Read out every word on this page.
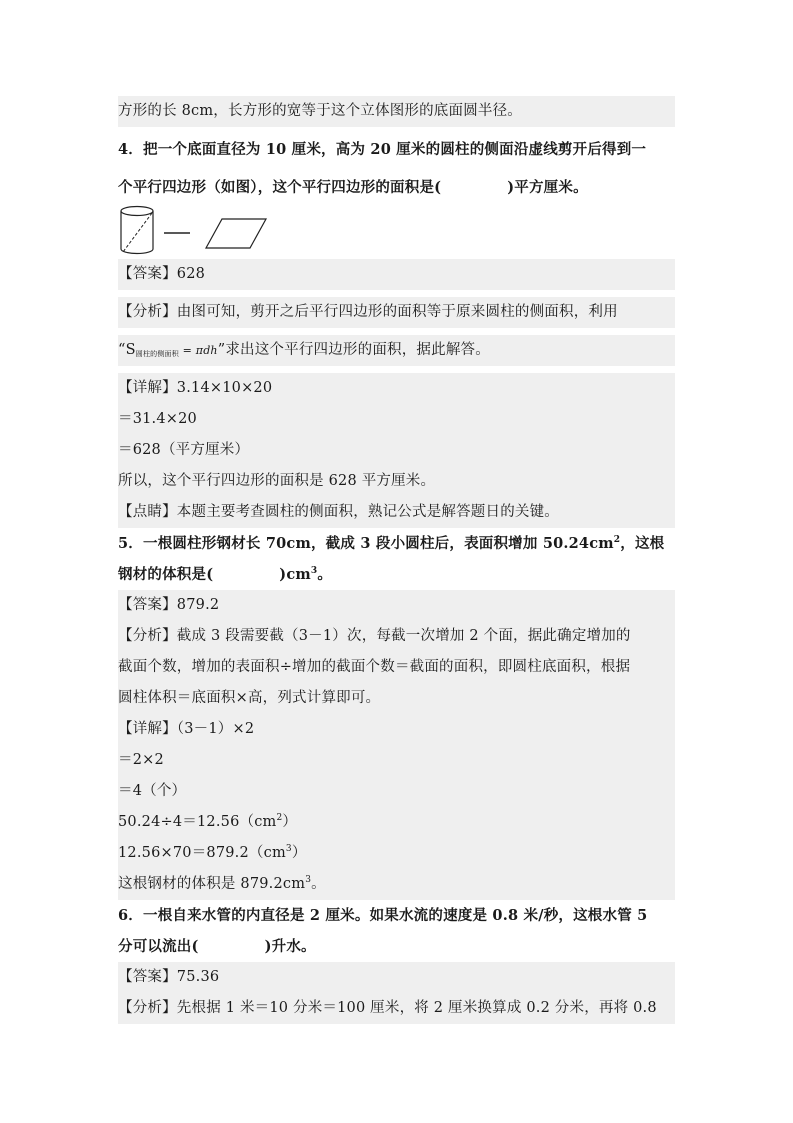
方形的长 8cm，长方形的宽等于这个立体图形的底面圆半径。
4．把一个底面直径为 10 厘米，高为 20 厘米的圆柱的侧面沿虚线剪开后得到一
个平行四边形（如图），这个平行四边形的面积是(	)平方厘米。
【答案】628
【分析】由图可知，剪开之后平行四边形的面积等于原来圆柱的侧面积，利用
“$S_{圆柱的侧面积} = \pi dh$”求出这个平行四边形的面积，据此解答。
【详解】3.14×10×20
＝31.4×20
＝628（平方厘米）
所以，这个平行四边形的面积是 628 平方厘米。
【点睛】本题主要考查圆柱的侧面积，熟记公式是解答题日的关键。
5．一根圆柱形钢材长 70cm，截成 3 段小圆柱后，表面积增加 $50.24cm^2$，这根
钢材的体积是(	)$cm^3$。
【答案】879.2
【分析】截成 3 段需要截（3－1）次，每截一次增加 2 个面，据此确定增加的
截面个数，增加的表面积÷增加的截面个数＝截面的面积，即圆柱底面积，根据
圆柱体积＝底面积×高，列式计算即可。
【详解】（3－1）×2
＝2×2
＝4（个）
$50.24\div 4=12.56(cm^2)$
$12.56\times 70=879.2(cm^3)$
这根钢材的体积是 $879.2cm^3$。
6．一根自来水管的内直径是 2 厘米。如果水流的速度是 0.8 米/秒，这根水管 5
分可以流出(	)升水。
【答案】75.36
【分析】先根据 1 米＝10 分米＝100 厘米，将 2 厘米换算成 0.2 分米，再将 0.8
